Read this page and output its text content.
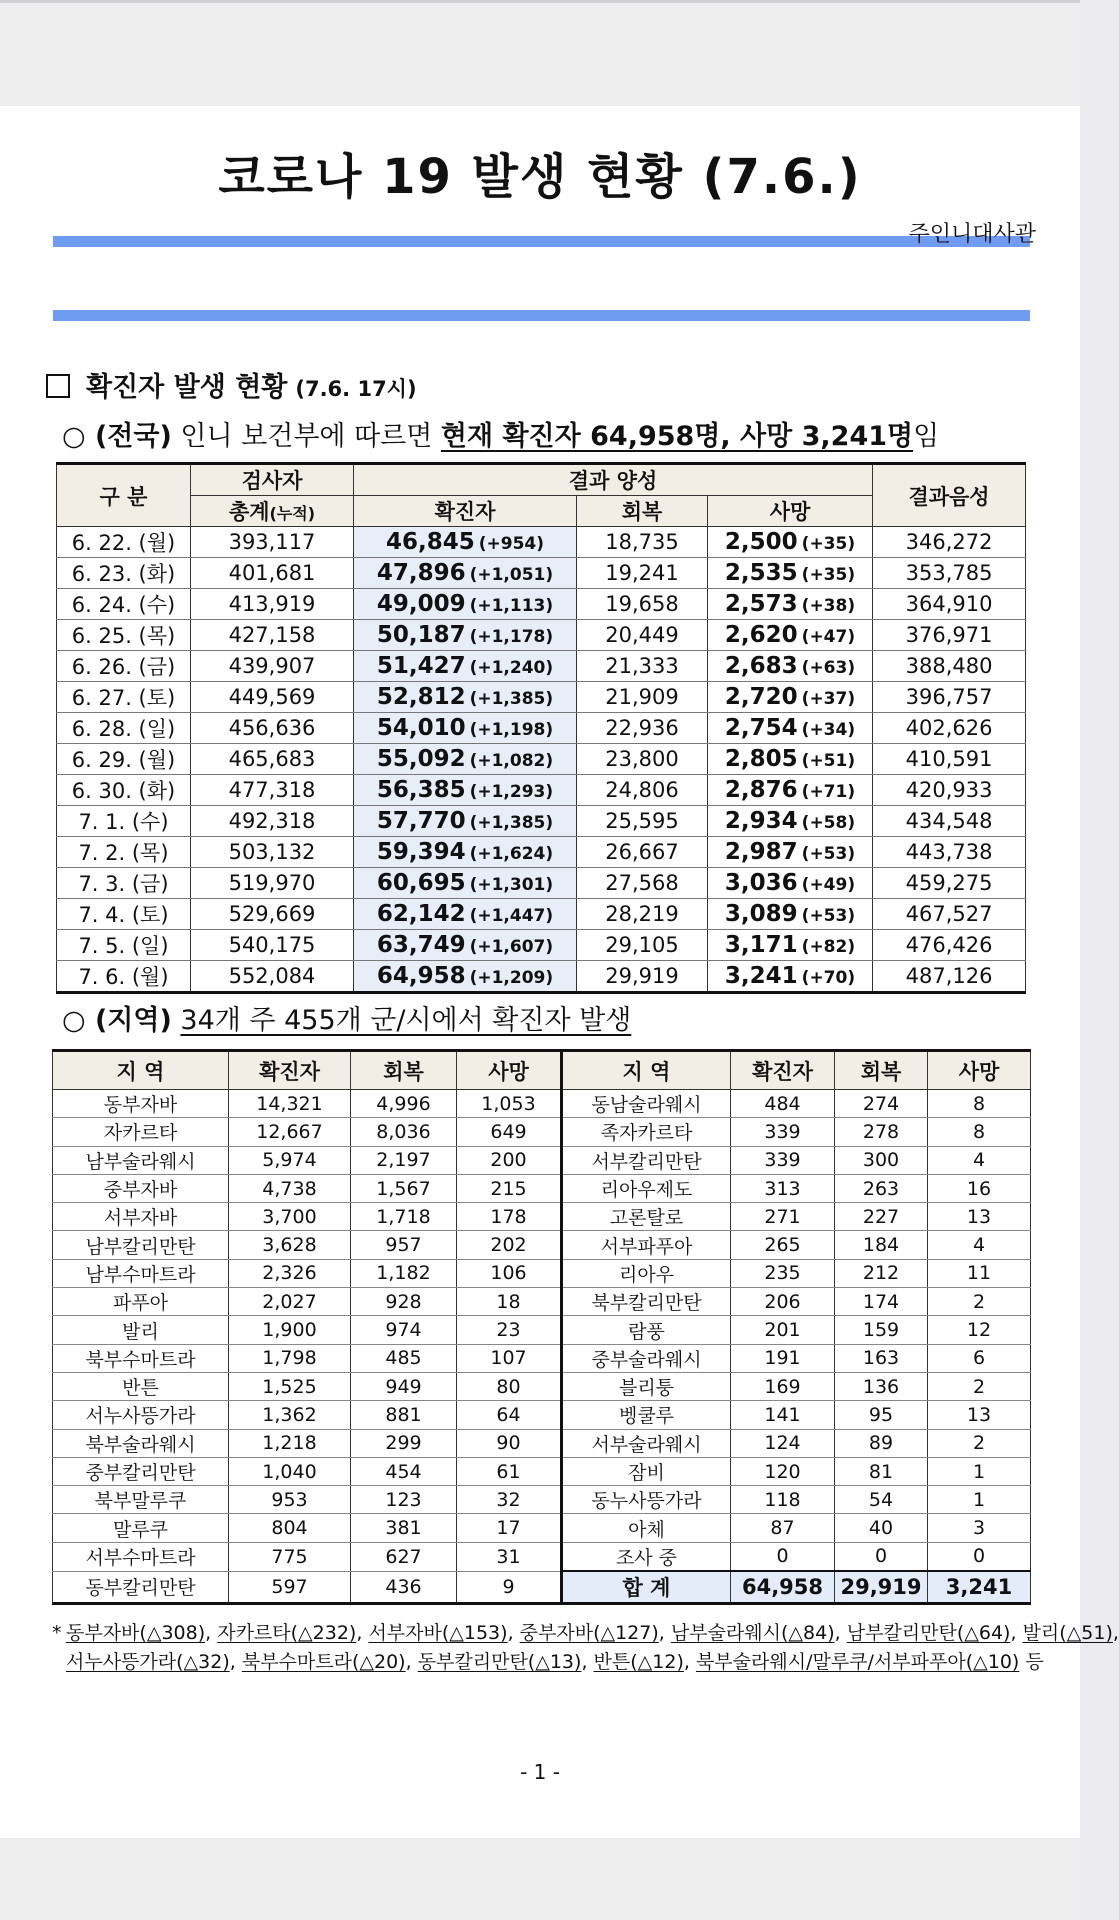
코로나 19 발생 현황 (7.6.)
주인니대사관
확진자 발생 현황 (7.6. 17시)
○ (전국) 인니 보건부에 따르면 현재 확진자 64,958명, 사망 3,241명임
구 분	검사자	결과 양성			결과음성
	총계(누적)	확진자	회복	사망	
6. 22. (월)	393,117	46,845 (+954)	18,735	2,500 (+35)	346,272
6. 23. (화)	401,681	47,896 (+1,051)	19,241	2,535 (+35)	353,785
6. 24. (수)	413,919	49,009 (+1,113)	19,658	2,573 (+38)	364,910
6. 25. (목)	427,158	50,187 (+1,178)	20,449	2,620 (+47)	376,971
6. 26. (금)	439,907	51,427 (+1,240)	21,333	2,683 (+63)	388,480
6. 27. (토)	449,569	52,812 (+1,385)	21,909	2,720 (+37)	396,757
6. 28. (일)	456,636	54,010 (+1,198)	22,936	2,754 (+34)	402,626
6. 29. (월)	465,683	55,092 (+1,082)	23,800	2,805 (+51)	410,591
6. 30. (화)	477,318	56,385 (+1,293)	24,806	2,876 (+71)	420,933
7. 1. (수)	492,318	57,770 (+1,385)	25,595	2,934 (+58)	434,548
7. 2. (목)	503,132	59,394 (+1,624)	26,667	2,987 (+53)	443,738
7. 3. (금)	519,970	60,695 (+1,301)	27,568	3,036 (+49)	459,275
7. 4. (토)	529,669	62,142 (+1,447)	28,219	3,089 (+53)	467,527
7. 5. (일)	540,175	63,749 (+1,607)	29,105	3,171 (+82)	476,426
7. 6. (월)	552,084	64,958 (+1,209)	29,919	3,241 (+70)	487,126
○ (지역) 34개 주 455개 군/시에서 확진자 발생
지 역	확진자	회복	사망	지 역	확진자	회복	사망
동부자바	14,321	4,996	1,053	동남술라웨시	484	274	8
자카르타	12,667	8,036	649	족자카르타	339	278	8
남부술라웨시	5,974	2,197	200	서부칼리만탄	339	300	4
중부자바	4,738	1,567	215	리아우제도	313	263	16
서부자바	3,700	1,718	178	고론탈로	271	227	13
남부칼리만탄	3,628	957	202	서부파푸아	265	184	4
남부수마트라	2,326	1,182	106	리아우	235	212	11
파푸아	2,027	928	18	북부칼리만탄	206	174	2
발리	1,900	974	23	람풍	201	159	12
북부수마트라	1,798	485	107	중부술라웨시	191	163	6
반튼	1,525	949	80	블리퉁	169	136	2
서누사뜽가라	1,362	881	64	벵쿨루	141	95	13
북부술라웨시	1,218	299	90	서부술라웨시	124	89	2
중부칼리만탄	1,040	454	61	잠비	120	81	1
북부말루쿠	953	123	32	동누사뜽가라	118	54	1
말루쿠	804	381	17	아체	87	40	3
서부수마트라	775	627	31	조사 중	0	0	0
동부칼리만탄	597	436	9	합 계	64,958	29,919	3,241
* 동부자바(△308), 자카르타(△232), 서부자바(△153), 중부자바(△127), 남부술라웨시(△84), 남부칼리만탄(△64), 발리(△51),
서누사뜽가라(△32), 북부수마트라(△20), 동부칼리만탄(△13), 반튼(△12), 북부술라웨시/말루쿠/서부파푸아(△10) 등
- 1 -
